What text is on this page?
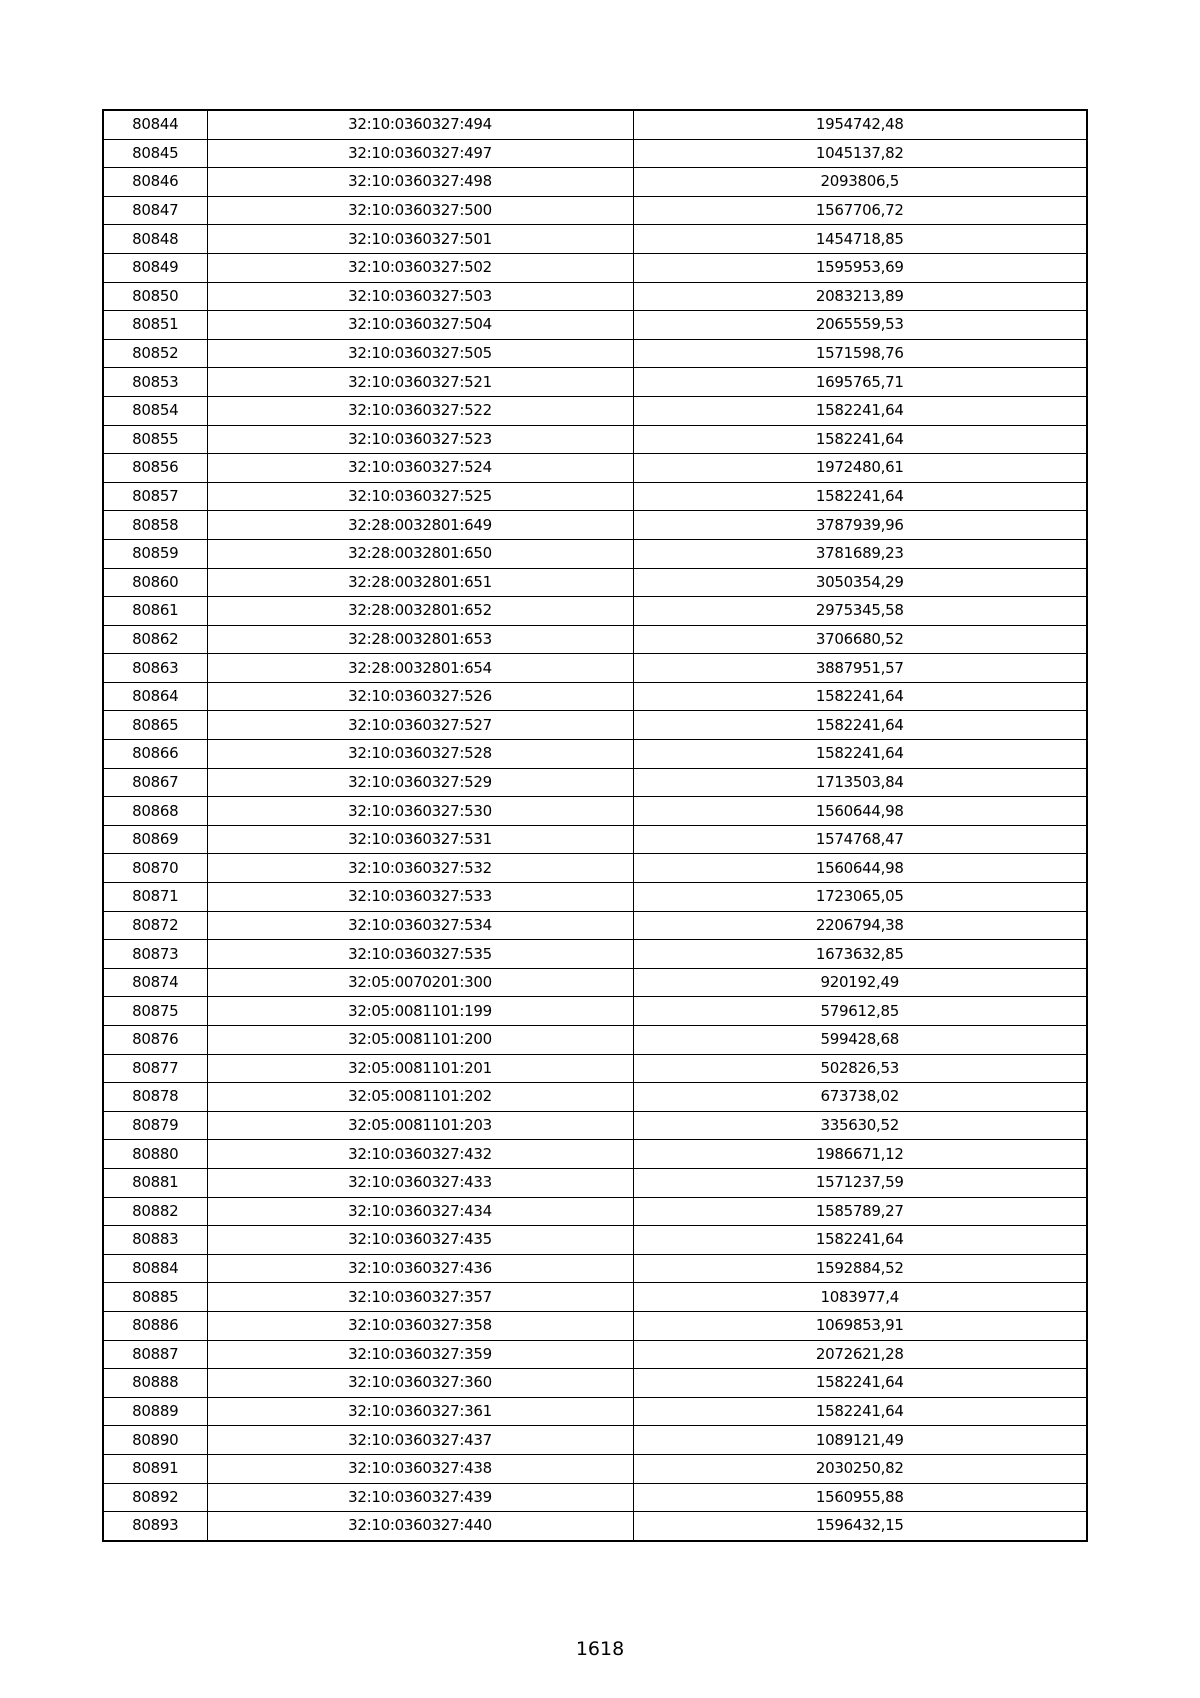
80844	32:10:0360327:494	1954742,48
80845	32:10:0360327:497	1045137,82
80846	32:10:0360327:498	2093806,5
80847	32:10:0360327:500	1567706,72
80848	32:10:0360327:501	1454718,85
80849	32:10:0360327:502	1595953,69
80850	32:10:0360327:503	2083213,89
80851	32:10:0360327:504	2065559,53
80852	32:10:0360327:505	1571598,76
80853	32:10:0360327:521	1695765,71
80854	32:10:0360327:522	1582241,64
80855	32:10:0360327:523	1582241,64
80856	32:10:0360327:524	1972480,61
80857	32:10:0360327:525	1582241,64
80858	32:28:0032801:649	3787939,96
80859	32:28:0032801:650	3781689,23
80860	32:28:0032801:651	3050354,29
80861	32:28:0032801:652	2975345,58
80862	32:28:0032801:653	3706680,52
80863	32:28:0032801:654	3887951,57
80864	32:10:0360327:526	1582241,64
80865	32:10:0360327:527	1582241,64
80866	32:10:0360327:528	1582241,64
80867	32:10:0360327:529	1713503,84
80868	32:10:0360327:530	1560644,98
80869	32:10:0360327:531	1574768,47
80870	32:10:0360327:532	1560644,98
80871	32:10:0360327:533	1723065,05
80872	32:10:0360327:534	2206794,38
80873	32:10:0360327:535	1673632,85
80874	32:05:0070201:300	920192,49
80875	32:05:0081101:199	579612,85
80876	32:05:0081101:200	599428,68
80877	32:05:0081101:201	502826,53
80878	32:05:0081101:202	673738,02
80879	32:05:0081101:203	335630,52
80880	32:10:0360327:432	1986671,12
80881	32:10:0360327:433	1571237,59
80882	32:10:0360327:434	1585789,27
80883	32:10:0360327:435	1582241,64
80884	32:10:0360327:436	1592884,52
80885	32:10:0360327:357	1083977,4
80886	32:10:0360327:358	1069853,91
80887	32:10:0360327:359	2072621,28
80888	32:10:0360327:360	1582241,64
80889	32:10:0360327:361	1582241,64
80890	32:10:0360327:437	1089121,49
80891	32:10:0360327:438	2030250,82
80892	32:10:0360327:439	1560955,88
80893	32:10:0360327:440	1596432,15
1618
